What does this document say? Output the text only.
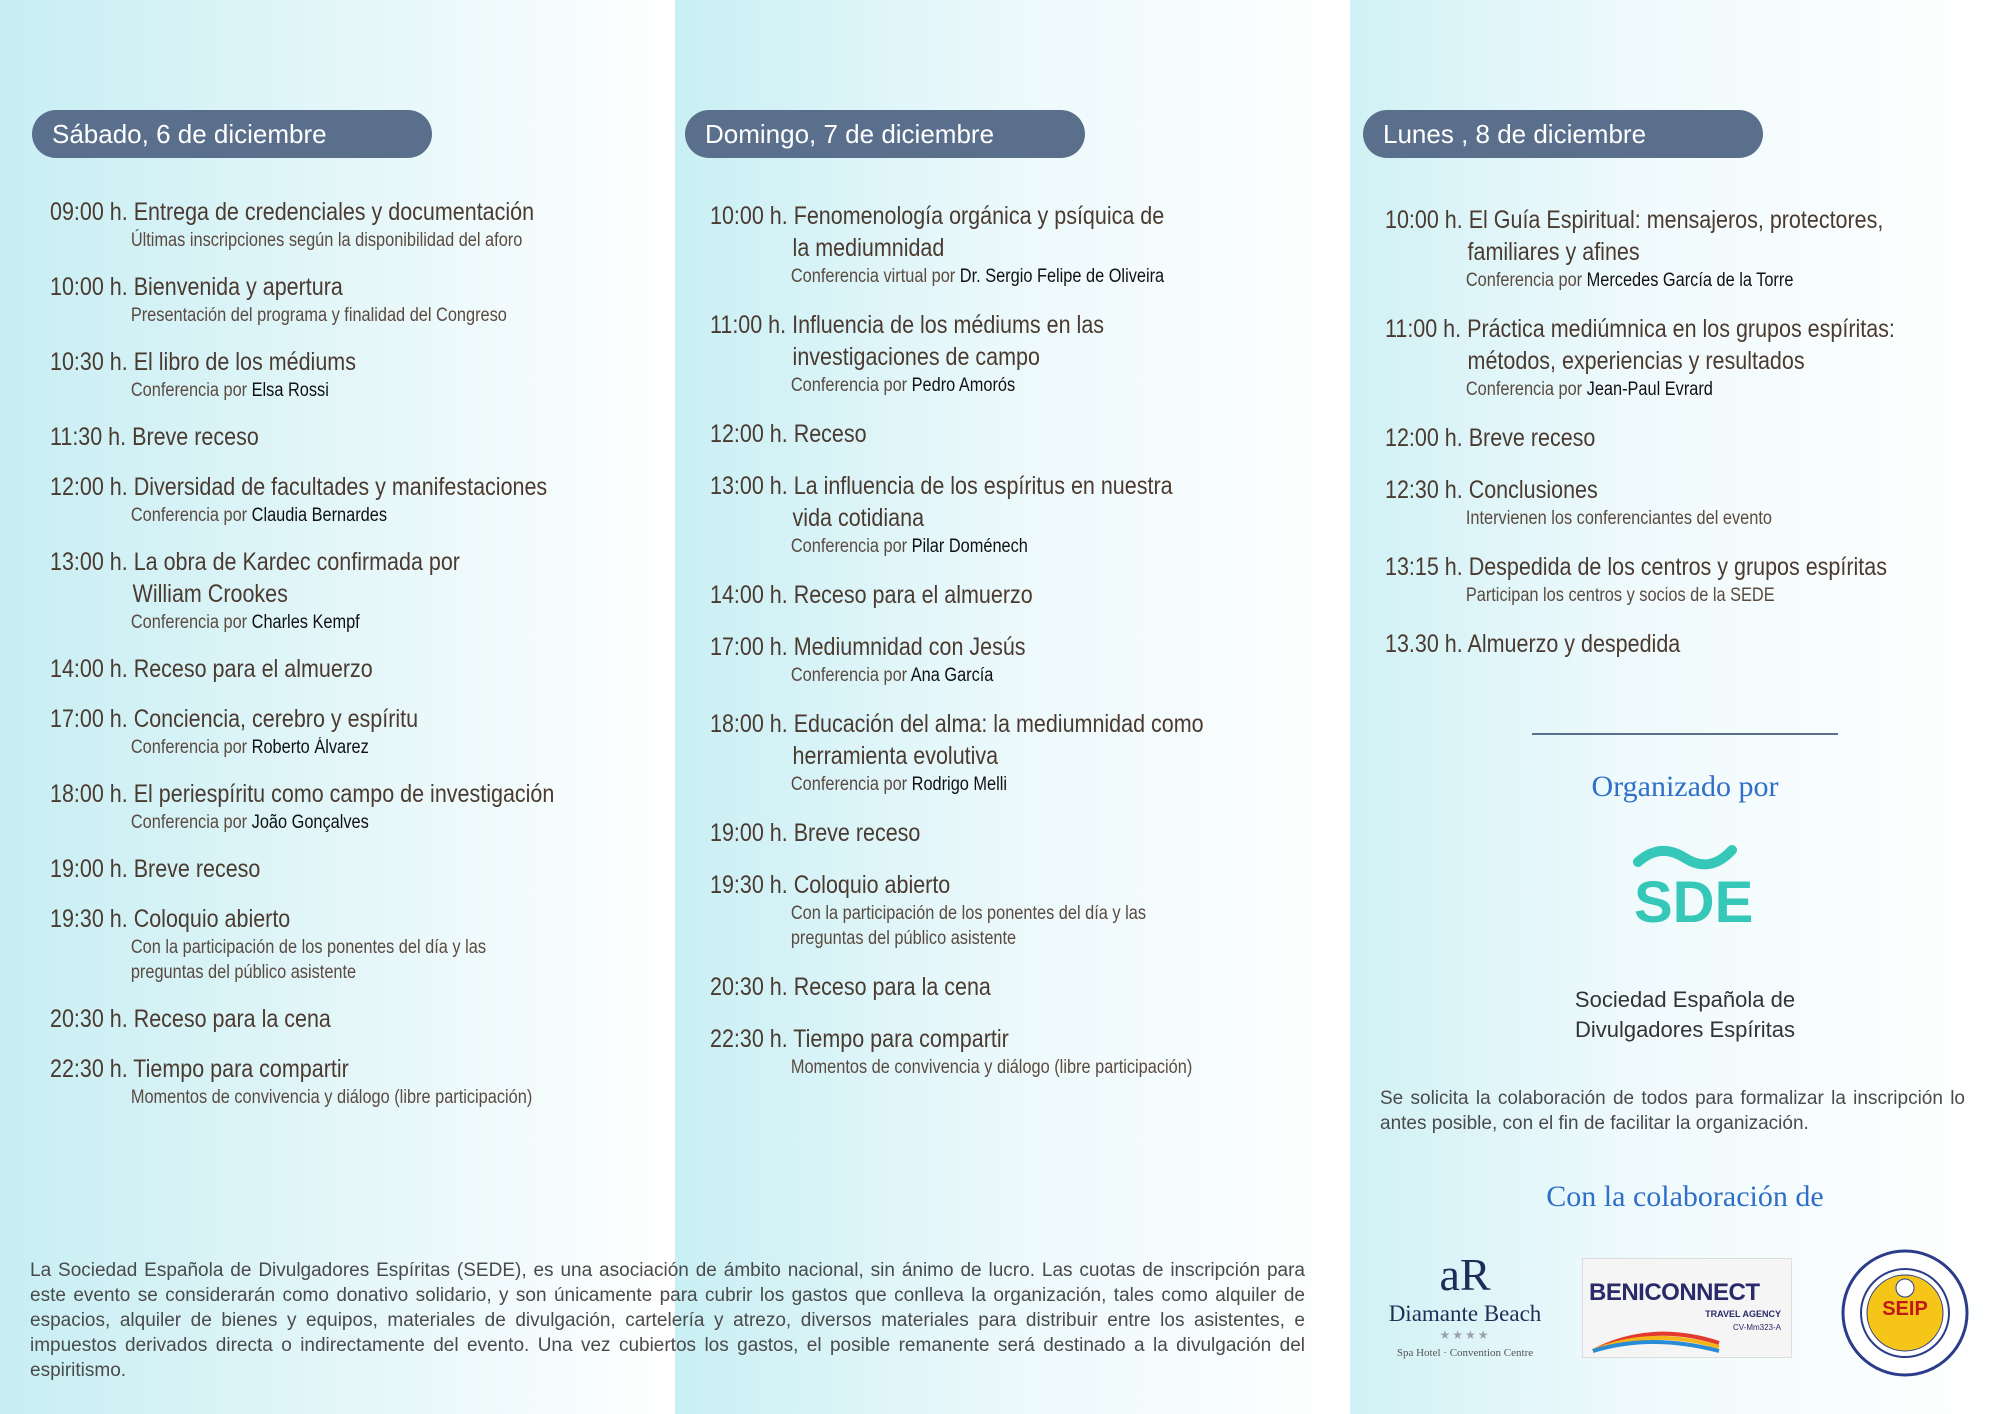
Sábado, 6 de diciembre	Domingo, 7 de diciembre	Lunes , 8 de diciembre
09:00 h. Entrega de credenciales y documentación
Últimas inscripciones según la disponibilidad del aforo
10:00 h. Bienvenida y apertura
Presentación del programa y finalidad del Congreso
10:30 h. El libro de los médiums
Conferencia por Elsa Rossi
11:30 h. Breve receso
12:00 h. Diversidad de facultades y manifestaciones
Conferencia por Claudia Bernardes
13:00 h. La obra de Kardec confirmada por
William Crookes
Conferencia por Charles Kempf
14:00 h. Receso para el almuerzo
17:00 h. Conciencia, cerebro y espíritu
Conferencia por Roberto Álvarez
18:00 h. El periespíritu como campo de investigación
Conferencia por João Gonçalves
19:00 h. Breve receso
19:30 h. Coloquio abierto
Con la participación de los ponentes del día y las
preguntas del público asistente
20:30 h. Receso para la cena
22:30 h. Tiempo para compartir
Momentos de convivencia y diálogo (libre participación)
10:00 h. Fenomenología orgánica y psíquica de
la mediumnidad
Conferencia virtual por Dr. Sergio Felipe de Oliveira
11:00 h. Influencia de los médiums en las
investigaciones de campo
Conferencia por Pedro Amorós
12:00 h. Receso
13:00 h. La influencia de los espíritus en nuestra
vida cotidiana
Conferencia por Pilar Doménech
14:00 h. Receso para el almuerzo
17:00 h. Mediumnidad con Jesús
Conferencia por Ana García
18:00 h. Educación del alma: la mediumnidad como
herramienta evolutiva
Conferencia por Rodrigo Melli
19:00 h. Breve receso
19:30 h. Coloquio abierto
Con la participación de los ponentes del día y las
preguntas del público asistente
20:30 h. Receso para la cena
22:30 h. Tiempo para compartir
Momentos de convivencia y diálogo (libre participación)
10:00 h. El Guía Espiritual: mensajeros, protectores,
familiares y afines
Conferencia por Mercedes García de la Torre
11:00 h. Práctica mediúmnica en los grupos espíritas:
métodos, experiencias y resultados
Conferencia por Jean-Paul Evrard
12:00 h. Breve receso
12:30 h. Conclusiones
Intervienen los conferenciantes del evento
13:15 h. Despedida de los centros y grupos espíritas
Participan los centros y socios de la SEDE
13.30 h. Almuerzo y despedida
Organizado por
SDE
Sociedad Española de
Divulgadores Espíritas
Se solicita la colaboración de todos para formalizar la inscripción lo antes posible, con el fin de facilitar la organización.
Con la colaboración de
aR
Diamante Beach
★★★★
Spa Hotel · Convention Centre
BENICONNECT
TRAVEL AGENCY
CV-Mm323-A
SEIP
La Sociedad Española de Divulgadores Espíritas (SEDE), es una asociación de ámbito nacional, sin ánimo de lucro. Las cuotas de inscripción para este evento se considerarán como donativo solidario, y son únicamente para cubrir los gastos que conlleva la organización, tales como alquiler de espacios, alquiler de bienes y equipos, materiales de divulgación, cartelería y atrezo, diversos materiales para distribuir entre los asistentes, e impuestos derivados directa o indirectamente del evento. Una vez cubiertos los gastos, el posible remanente será destinado a la divulgación del espiritismo.
